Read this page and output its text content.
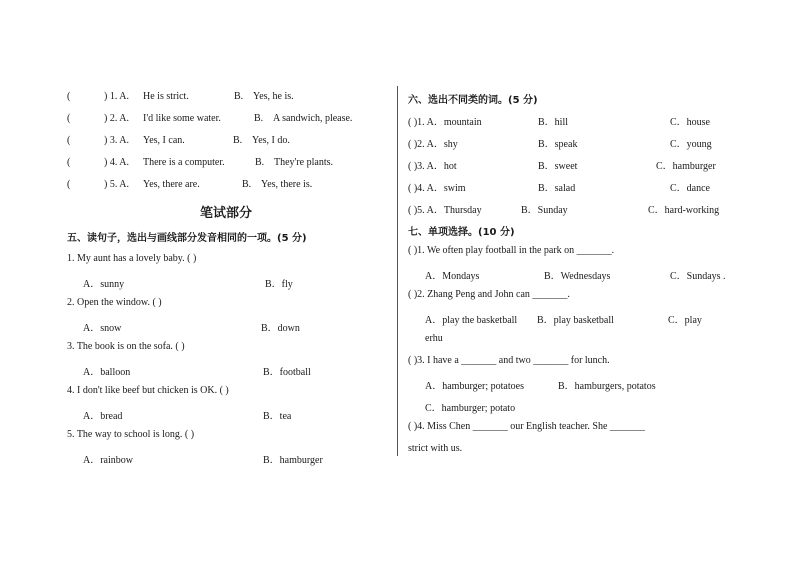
(	) 1. A. He is strict.	B. Yes, he is.
(	) 2. A. I'd like some water.	B. A sandwich, please.
(	) 3. A. Yes, I can.	B. Yes, I do.
(	) 4. A. There is a computer.	B. They're plants.
(	) 5. A. Yes, there are.	B. Yes, there is.
笔试部分
五、读句子，选出与画线部分发音相同的一项。(5 分)
1. My aunt has a lovely baby. ( )
A．sunny	B．fly
2. Open the window. ( )
A．snow	B．down
3. The book is on the sofa. ( )
A．balloon	B．football
4. I don't like beef but chicken is OK. ( )
A．bread	B．tea
5. The way to school is long. ( )
A．rainbow	B．hamburger
六、选出不同类的词。(5 分)
( )1. A．mountain	B．hill	C．house
( )2. A．shy	B．speak	C．young
( )3. A．hot	B．sweet	C．hamburger
( )4. A．swim	B．salad	C．dance
( )5. A．Thursday	B．Sunday	C．hard-working
七、单项选择。(10 分)
( )1. We often play football in the park on _______.
A．Mondays	B．Wednesdays	C．Sundays .
( )2. Zhang Peng and John can _______.
A．play the basketball B．play basketball	C．play
erhu
( )3. I have a _______ and two _______ for lunch.
A．hamburger; potatoes	B．hamburgers, potatos
C．hamburger; potato
( )4. Miss Chen _______ our English teacher. She _______
strict with us.
